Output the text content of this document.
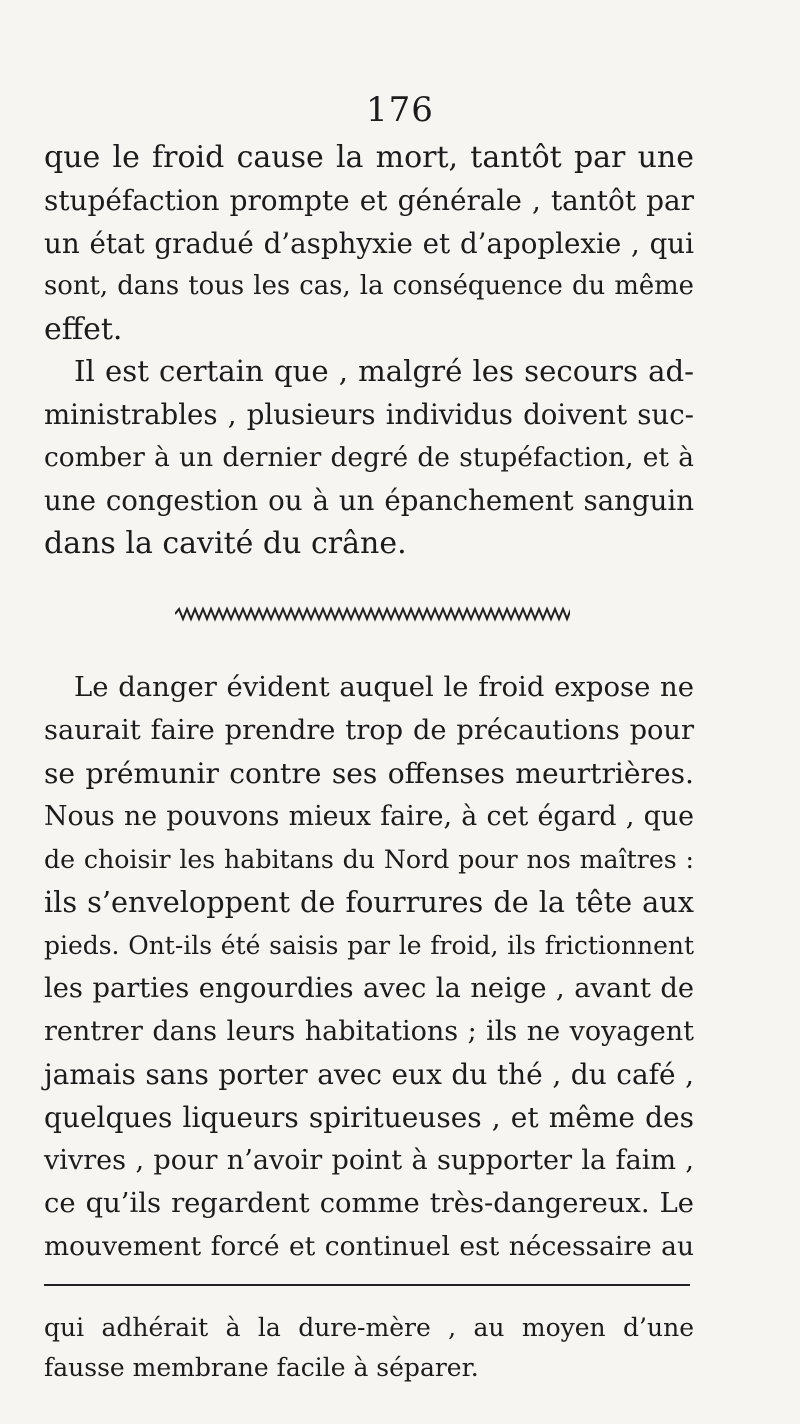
176
que le froid cause la mort, tantôt par une
stupéfaction prompte et générale , tantôt par
un état gradué d’asphyxie et d’apoplexie , qui
sont, dans tous les cas, la conséquence du même
effet.
Il est certain que , malgré les secours ad-
ministrables , plusieurs individus doivent suc-
comber à un dernier degré de stupéfaction, et à
une congestion ou à un épanchement sanguin
dans la cavité du crâne.
Le danger évident auquel le froid expose ne
saurait faire prendre trop de précautions pour
se prémunir contre ses offenses meurtrières.
Nous ne pouvons mieux faire, à cet égard , que
de choisir les habitans du Nord pour nos maîtres :
ils s’enveloppent de fourrures de la tête aux
pieds. Ont-ils été saisis par le froid, ils frictionnent
les parties engourdies avec la neige , avant de
rentrer dans leurs habitations ; ils ne voyagent
jamais sans porter avec eux du thé , du café ,
quelques liqueurs spiritueuses , et même des
vivres , pour n’avoir point à supporter la faim ,
ce qu’ils regardent comme très-dangereux. Le
mouvement forcé et continuel est nécessaire au
qui adhérait à la dure-mère , au moyen d’une
fausse membrane facile à séparer.
